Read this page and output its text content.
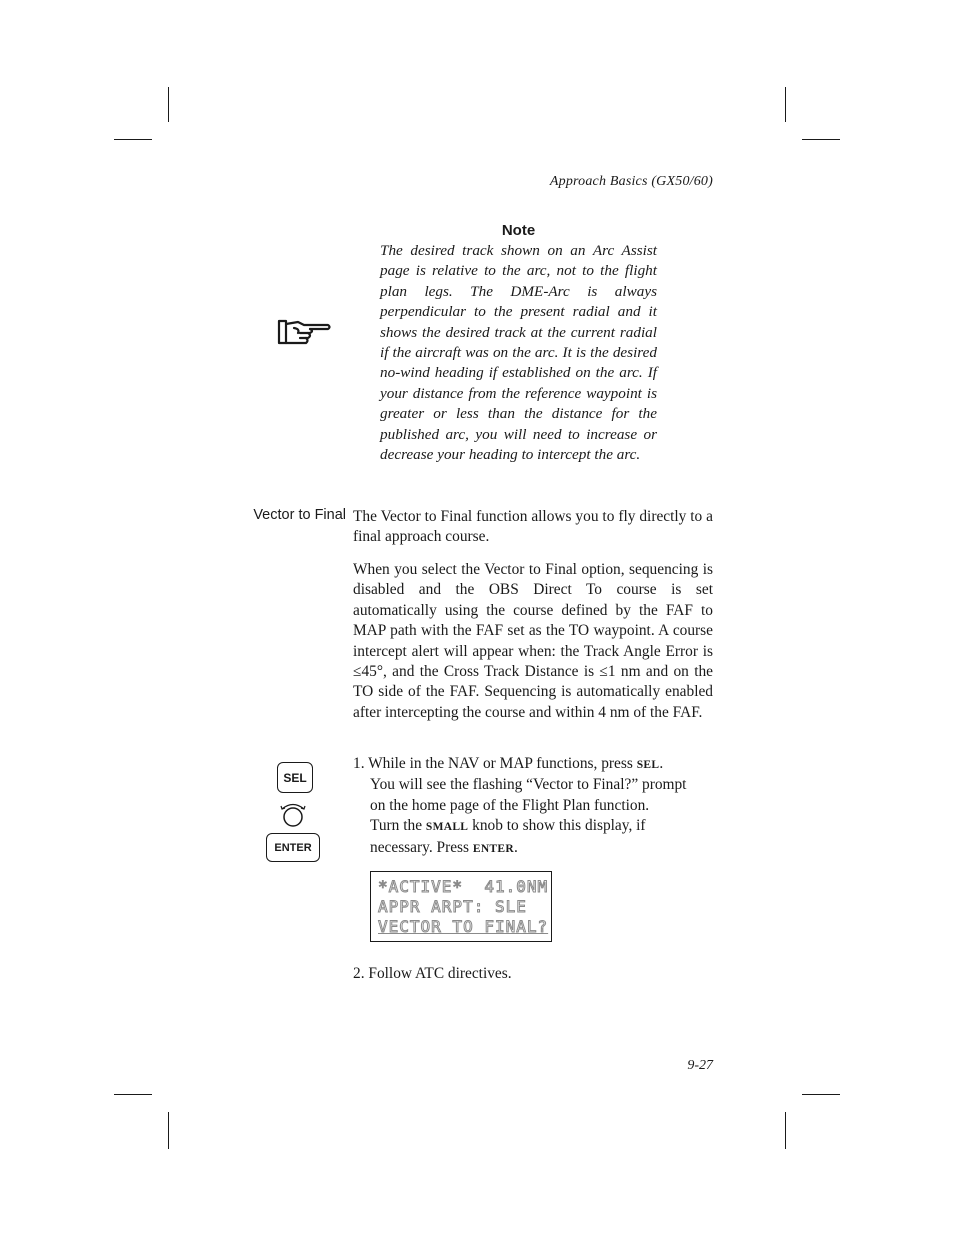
Approach Basics (GX50/60)
Note
The desired track shown on an Arc Assist page is relative to the arc, not to the flight plan legs. The DME-Arc is always perpendicular to the present radial and it shows the desired track at the current radial if the aircraft was on the arc. It is the desired no-wind heading if established on the arc. If your distance from the reference waypoint is greater or less than the distance for the published arc, you will need to increase or decrease your heading to intercept the arc.
Vector to Final The Vector to Final function allows you to fly directly to a final approach course.
When you select the Vector to Final option, sequencing is disabled and the OBS Direct To course is set automatically using the course defined by the FAF to MAP path with the FAF set as the TO waypoint. A course intercept alert will appear when: the Track Angle Error is ≤45°, and the Cross Track Distance is ≤1 nm and on the TO side of the FAF. Sequencing is automatically enabled after intercepting the course and within 4 nm of the FAF.
SEL
ENTER
1. While in the NAV or MAP functions, press SEL.
You will see the flashing “Vector to Final?” prompt
on the home page of the Flight Plan function.
Turn the SMALL knob to show this display, if
necessary. Press ENTER.
*ACTIVE*  41.0NM
APPR ARPT: SLE
VECTOR TO FINAL?
2. Follow ATC directives.
9-27
